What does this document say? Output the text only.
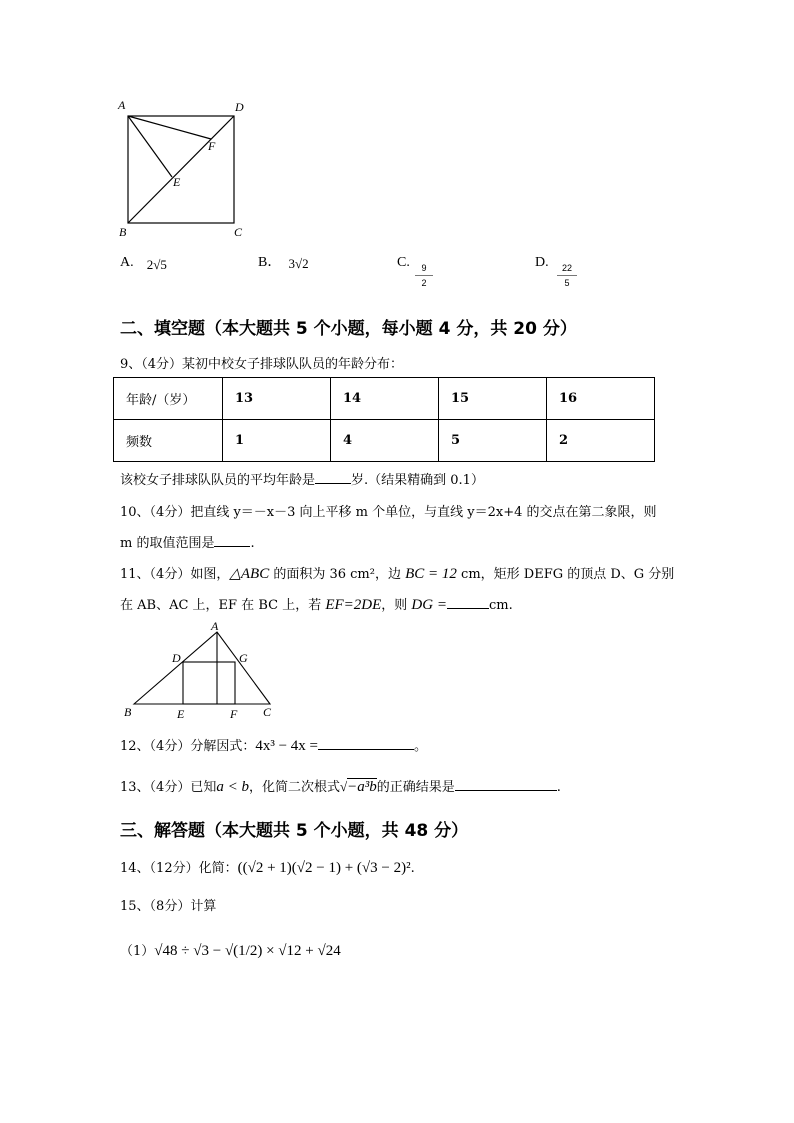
A	D
F
E
B	C
A. 2√5	B． 3√2	C. $\frac{9}{2}$	D. $\frac{22}{5}$
二、填空题（本大题共 5 个小题，每小题 4 分，共 20 分）
9、（4分）某初中校女子排球队队员的年龄分布：
年龄/（岁）	13	14	15	16
频数	1	4	5	2
该校女子排球队队员的平均年龄是	岁.（结果精确到 0.1）
10、（4分）把直线 y＝－x－3 向上平移 m 个单位，与直线 y＝2x+4 的交点在第二象限，则
m 的取值范围是	.
11、（4分）如图，△ABC 的面积为 36 cm²，边 BC = 12 cm，矩形 DEFG 的顶点 D、G 分别
在 AB、AC 上，EF 在 BC 上，若 EF=2DE，则 DG =	cm.
A
D	G
B	E	F C
12、（4分）分解因式：4x³ − 4x =	。
13、（4分）已知a < b，化简二次根式√−a³b的正确结果是	.
三、解答题（本大题共 5 个小题，共 48 分）
14、（12分）化简：((√2 + 1)(√2 − 1) + (√3 − 2)².
15、（8分）计算
（1）√48 ÷ √3 − √(1/2) × √12 + √24
